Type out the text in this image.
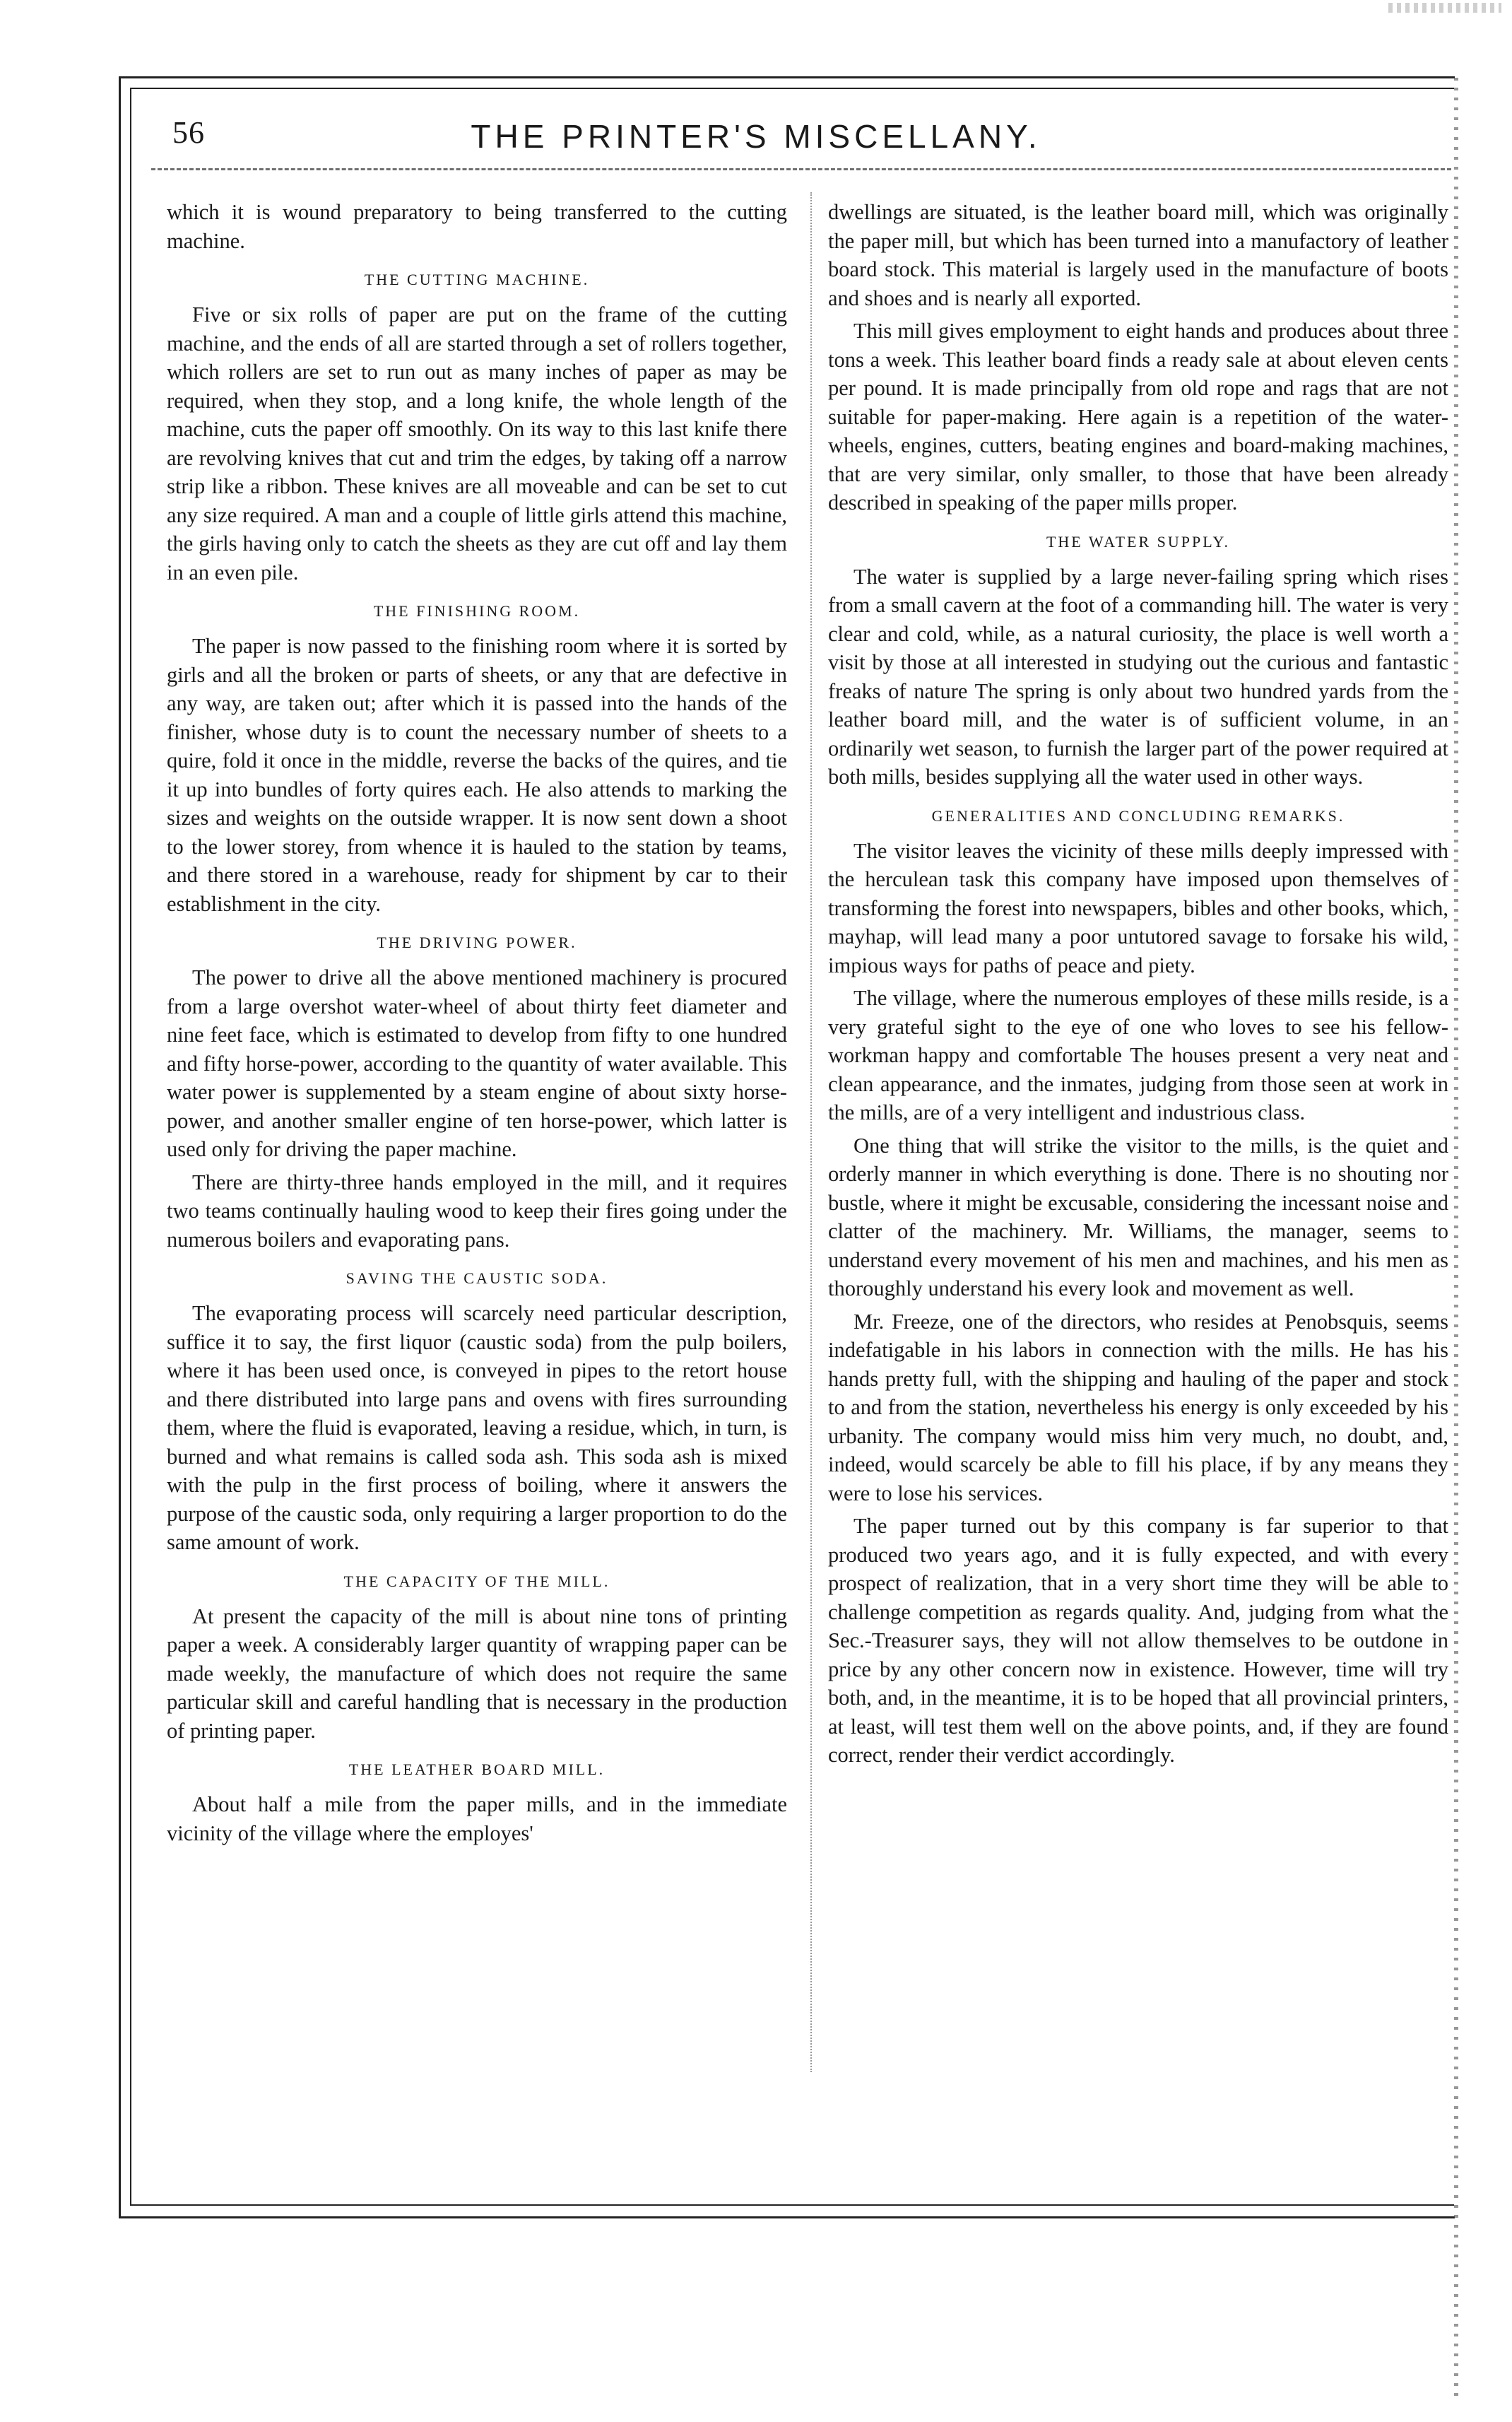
56	THE PRINTER'S MISCELLANY.

which it is wound preparatory to being transferred to the cutting machine.

THE CUTTING MACHINE.

Five or six rolls of paper are put on the frame of the cutting machine, and the ends of all are started through a set of rollers together, which rollers are set to run out as many inches of paper as may be required, when they stop, and a long knife, the whole length of the machine, cuts the paper off smoothly. On its way to this last knife there are revolving knives that cut and trim the edges, by taking off a narrow strip like a ribbon. These knives are all moveable and can be set to cut any size required. A man and a couple of little girls attend this machine, the girls having only to catch the sheets as they are cut off and lay them in an even pile.

THE FINISHING ROOM.

The paper is now passed to the finishing room where it is sorted by girls and all the broken or parts of sheets, or any that are defective in any way, are taken out; after which it is passed into the hands of the finisher, whose duty is to count the necessary number of sheets to a quire, fold it once in the middle, reverse the backs of the quires, and tie it up into bundles of forty quires each. He also attends to marking the sizes and weights on the outside wrapper. It is now sent down a shoot to the lower storey, from whence it is hauled to the station by teams, and there stored in a warehouse, ready for shipment by car to their establishment in the city.

THE DRIVING POWER.

The power to drive all the above mentioned machinery is procured from a large overshot water-wheel of about thirty feet diameter and nine feet face, which is estimated to develop from fifty to one hundred and fifty horse-power, according to the quantity of water available. This water power is supplemented by a steam engine of about sixty horse-power, and another smaller engine of ten horse-power, which latter is used only for driving the paper machine.

There are thirty-three hands employed in the mill, and it requires two teams continually hauling wood to keep their fires going under the numerous boilers and evaporating pans.

SAVING THE CAUSTIC SODA.

The evaporating process will scarcely need particular description, suffice it to say, the first liquor (caustic soda) from the pulp boilers, where it has been used once, is conveyed in pipes to the retort house and there distributed into large pans and ovens with fires surrounding them, where the fluid is evaporated, leaving a residue, which, in turn, is burned and what remains is called soda ash. This soda ash is mixed with the pulp in the first process of boiling, where it answers the purpose of the caustic soda, only requiring a larger proportion to do the same amount of work.

THE CAPACITY OF THE MILL.

At present the capacity of the mill is about nine tons of printing paper a week. A considerably larger quantity of wrapping paper can be made weekly, the manufacture of which does not require the same particular skill and careful handling that is necessary in the production of printing paper.

THE LEATHER BOARD MILL.

About half a mile from the paper mills, and in the immediate vicinity of the village where the employes'

dwellings are situated, is the leather board mill, which was originally the paper mill, but which has been turned into a manufactory of leather board stock. This material is largely used in the manufacture of boots and shoes and is nearly all exported.

This mill gives employment to eight hands and produces about three tons a week. This leather board finds a ready sale at about eleven cents per pound. It is made principally from old rope and rags that are not suitable for paper-making. Here again is a repetition of the water-wheels, engines, cutters, beating engines and board-making machines, that are very similar, only smaller, to those that have been already described in speaking of the paper mills proper.

THE WATER SUPPLY.

The water is supplied by a large never-failing spring which rises from a small cavern at the foot of a commanding hill. The water is very clear and cold, while, as a natural curiosity, the place is well worth a visit by those at all interested in studying out the curious and fantastic freaks of nature The spring is only about two hundred yards from the leather board mill, and the water is of sufficient volume, in an ordinarily wet season, to furnish the larger part of the power required at both mills, besides supplying all the water used in other ways.

GENERALITIES AND CONCLUDING REMARKS.

The visitor leaves the vicinity of these mills deeply impressed with the herculean task this company have imposed upon themselves of transforming the forest into newspapers, bibles and other books, which, mayhap, will lead many a poor untutored savage to forsake his wild, impious ways for paths of peace and piety.

The village, where the numerous employes of these mills reside, is a very grateful sight to the eye of one who loves to see his fellow-workman happy and comfortable The houses present a very neat and clean appearance, and the inmates, judging from those seen at work in the mills, are of a very intelligent and industrious class.

One thing that will strike the visitor to the mills, is the quiet and orderly manner in which everything is done. There is no shouting nor bustle, where it might be excusable, considering the incessant noise and clatter of the machinery. Mr. Williams, the manager, seems to understand every movement of his men and machines, and his men as thoroughly understand his every look and movement as well.

Mr. Freeze, one of the directors, who resides at Penobsquis, seems indefatigable in his labors in connection with the mills. He has his hands pretty full, with the shipping and hauling of the paper and stock to and from the station, nevertheless his energy is only exceeded by his urbanity. The company would miss him very much, no doubt, and, indeed, would scarcely be able to fill his place, if by any means they were to lose his services.

The paper turned out by this company is far superior to that produced two years ago, and it is fully expected, and with every prospect of realization, that in a very short time they will be able to challenge competition as regards quality. And, judging from what the Sec.-Treasurer says, they will not allow themselves to be outdone in price by any other concern now in existence. However, time will try both, and, in the meantime, it is to be hoped that all provincial printers, at least, will test them well on the above points, and, if they are found correct, render their verdict accordingly.
